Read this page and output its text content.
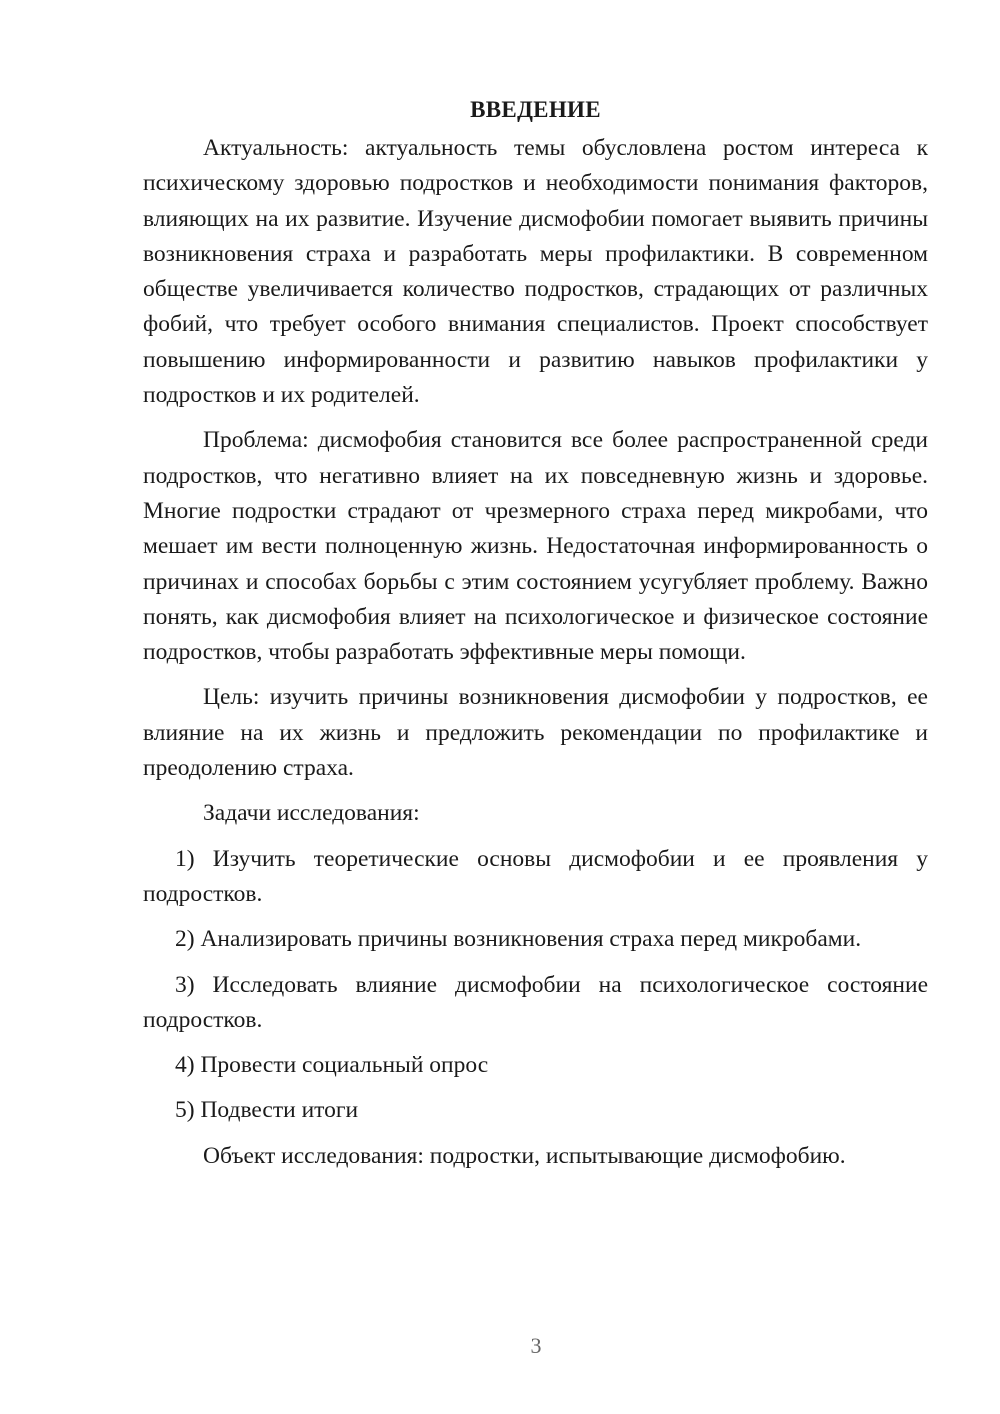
ВВЕДЕНИЕ

Актуальность: актуальность темы обусловлена ростом интереса к психическому здоровью подростков и необходимости понимания факторов, влияющих на их развитие. Изучение дисмофобии помогает выявить причины возникновения страха и разработать меры профилактики. В современном обществе увеличивается количество подростков, страдающих от различных фобий, что требует особого внимания специалистов. Проект способствует повышению информированности и развитию навыков профилактики у подростков и их родителей.

Проблема: дисмофобия становится все более распространенной среди подростков, что негативно влияет на их повседневную жизнь и здоровье. Многие подростки страдают от чрезмерного страха перед микробами, что мешает им вести полноценную жизнь. Недостаточная информированность о причинах и способах борьбы с этим состоянием усугубляет проблему. Важно понять, как дисмофобия влияет на психологическое и физическое состояние подростков, чтобы разработать эффективные меры помощи.

Цель: изучить причины возникновения дисмофобии у подростков, ее влияние на их жизнь и предложить рекомендации по профилактике и преодолению страха.

Задачи исследования:

1) Изучить теоретические основы дисмофобии и ее проявления у подростков.

2) Анализировать причины возникновения страха перед микробами.

3) Исследовать влияние дисмофобии на психологическое состояние подростков.

4) Провести социальный опрос

5) Подвести итоги

Объект исследования: подростки, испытывающие дисмофобию.

3
